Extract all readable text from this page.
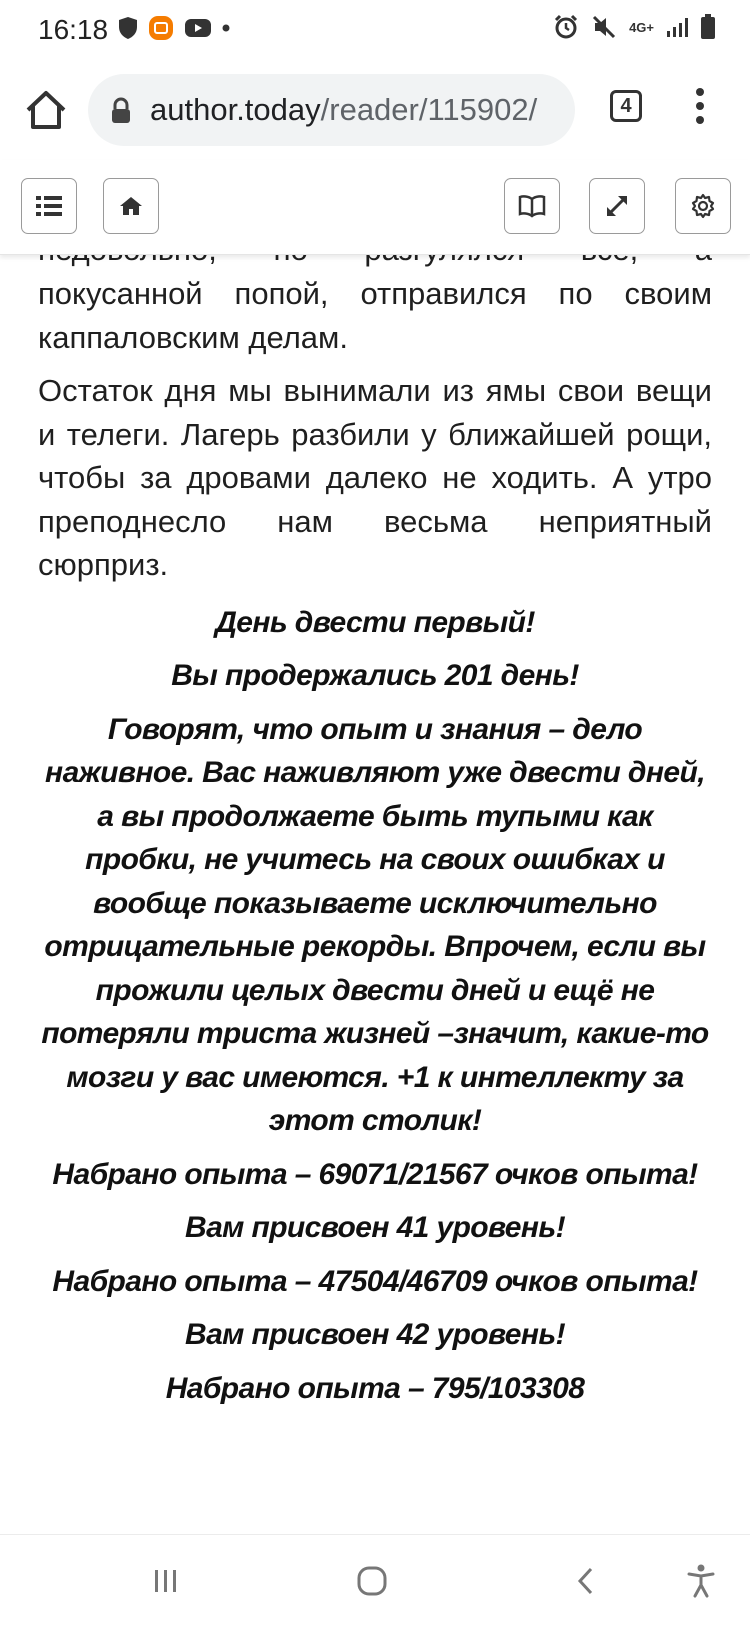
16:18	4G+
author.today/reader/115902/	4

покусанной попой, отправился по своим каппаловским делам.

Остаток дня мы вынимали из ямы свои вещи и телеги. Лагерь разбили у ближайшей рощи, чтобы за дровами далеко не ходить. А утро преподнесло нам весьма неприятный сюрприз.

День двести первый!

Вы продержались 201 день!

Говорят, что опыт и знания – дело наживное. Вас наживляют уже двести дней, а вы продолжаете быть тупыми как пробки, не учитесь на своих ошибках и вообще показываете исключительно отрицательные рекорды. Впрочем, если вы прожили целых двести дней и ещё не потеряли триста жизней –значит, какие-то мозги у вас имеются. +1 к интеллекту за этот столик!

Набрано опыта – 69071/21567 очков опыта!

Вам присвоен 41 уровень!

Набрано опыта – 47504/46709 очков опыта!

Вам присвоен 42 уровень!

Набрано опыта – 795/103308
